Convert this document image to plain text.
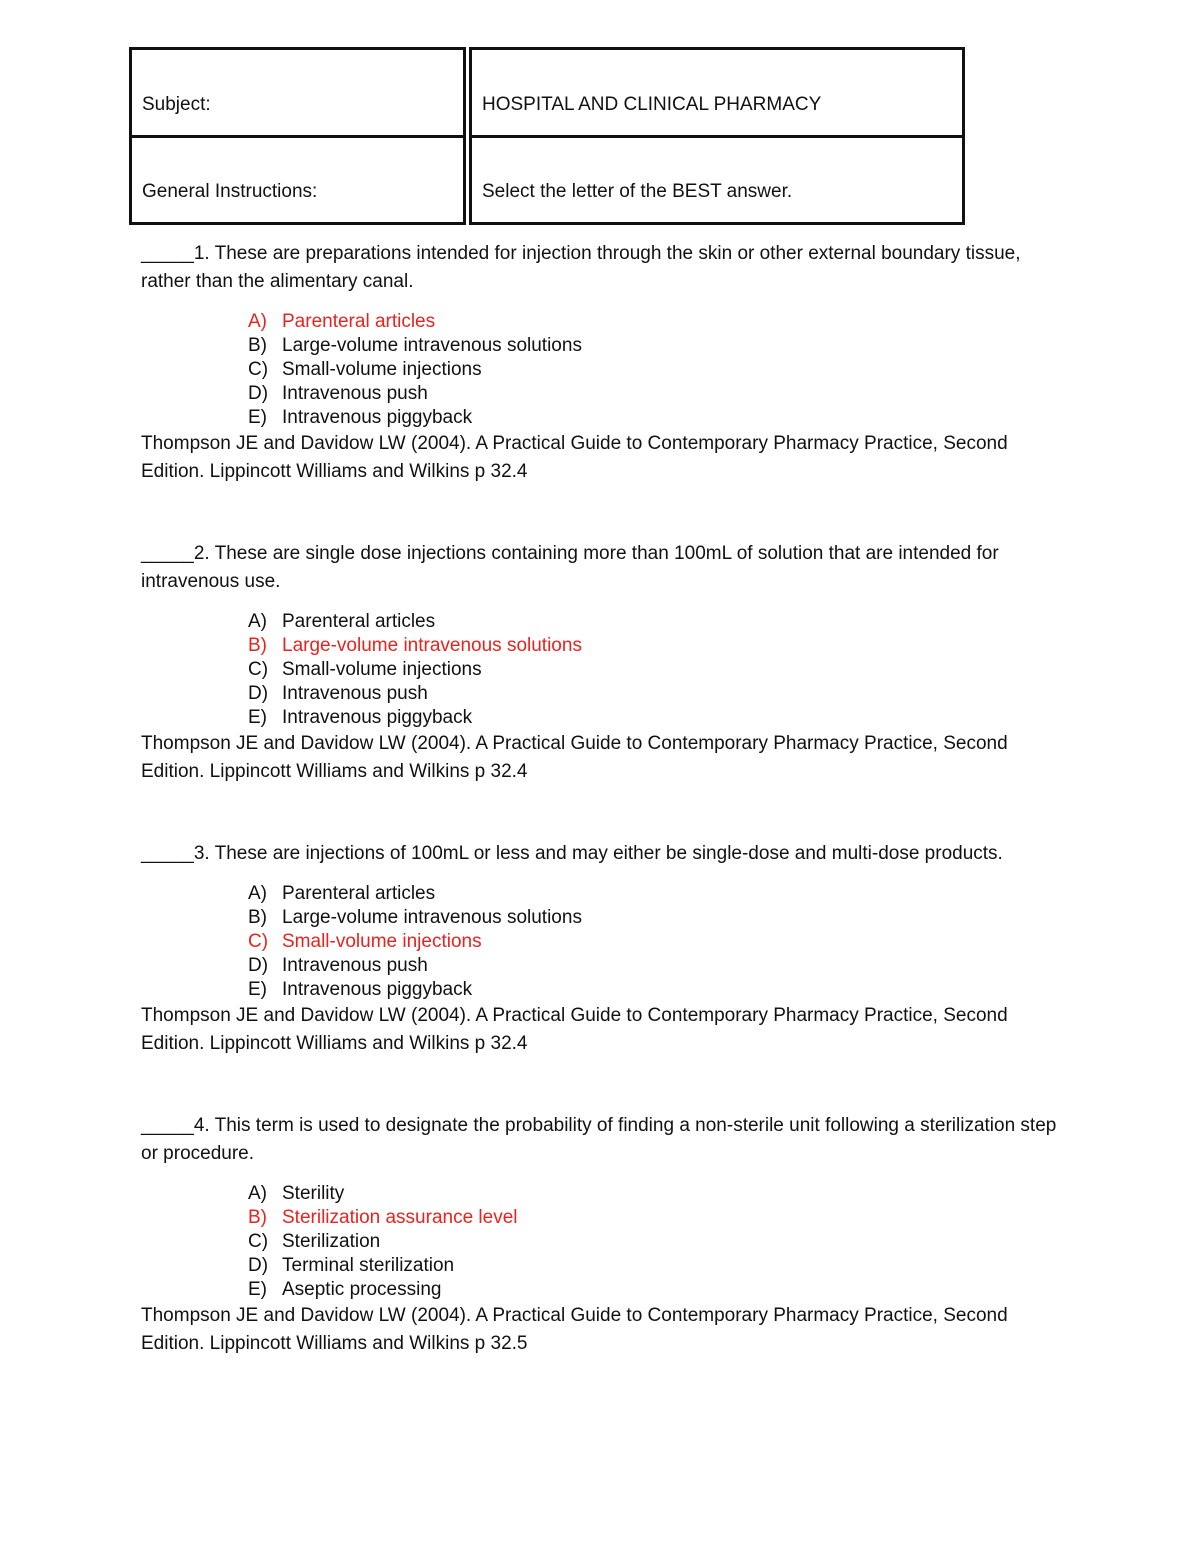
Subject:	HOSPITAL AND CLINICAL PHARMACY
General Instructions:	Select the letter of the BEST answer.

_____1. These are preparations intended for injection through the skin or other external boundary tissue, rather than the alimentary canal.

A) Parenteral articles
B) Large-volume intravenous solutions
C) Small-volume injections
D) Intravenous push
E) Intravenous piggyback

Thompson JE and Davidow LW (2004). A Practical Guide to Contemporary Pharmacy Practice, Second Edition. Lippincott Williams and Wilkins p 32.4

_____2. These are single dose injections containing more than 100mL of solution that are intended for intravenous use.

A) Parenteral articles
B) Large-volume intravenous solutions
C) Small-volume injections
D) Intravenous push
E) Intravenous piggyback

Thompson JE and Davidow LW (2004). A Practical Guide to Contemporary Pharmacy Practice, Second Edition. Lippincott Williams and Wilkins p 32.4

_____3. These are injections of 100mL or less and may either be single-dose and multi-dose products.

A) Parenteral articles
B) Large-volume intravenous solutions
C) Small-volume injections
D) Intravenous push
E) Intravenous piggyback

Thompson JE and Davidow LW (2004). A Practical Guide to Contemporary Pharmacy Practice, Second Edition. Lippincott Williams and Wilkins p 32.4

_____4. This term is used to designate the probability of finding a non-sterile unit following a sterilization step or procedure.

A) Sterility
B) Sterilization assurance level
C) Sterilization
D) Terminal sterilization
E) Aseptic processing

Thompson JE and Davidow LW (2004). A Practical Guide to Contemporary Pharmacy Practice, Second Edition. Lippincott Williams and Wilkins p 32.5
